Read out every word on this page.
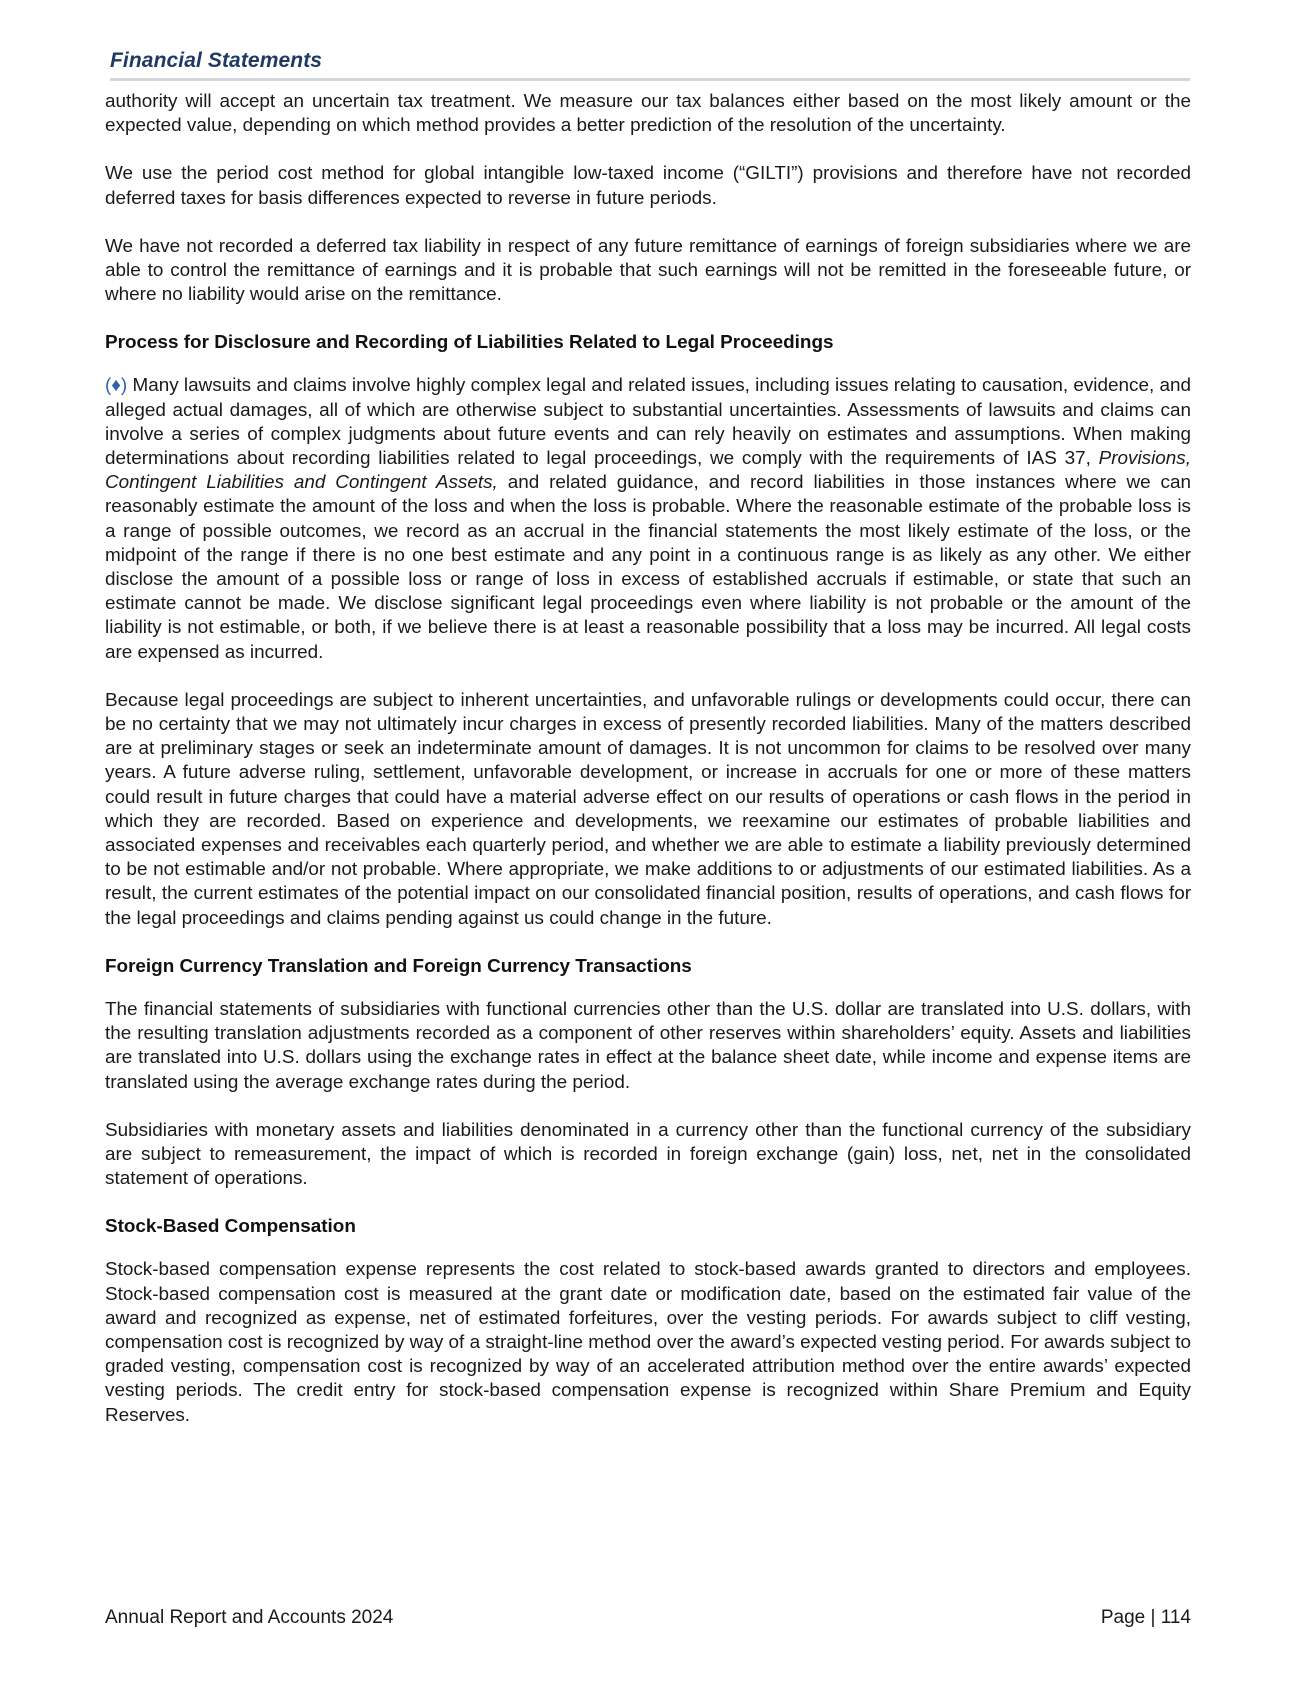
Financial Statements

authority will accept an uncertain tax treatment. We measure our tax balances either based on the most likely amount or the expected value, depending on which method provides a better prediction of the resolution of the uncertainty.

We use the period cost method for global intangible low-taxed income (“GILTI”) provisions and therefore have not recorded deferred taxes for basis differences expected to reverse in future periods.

We have not recorded a deferred tax liability in respect of any future remittance of earnings of foreign subsidiaries where we are able to control the remittance of earnings and it is probable that such earnings will not be remitted in the foreseeable future, or where no liability would arise on the remittance.

Process for Disclosure and Recording of Liabilities Related to Legal Proceedings

(♦) Many lawsuits and claims involve highly complex legal and related issues, including issues relating to causation, evidence, and alleged actual damages, all of which are otherwise subject to substantial uncertainties. Assessments of lawsuits and claims can involve a series of complex judgments about future events and can rely heavily on estimates and assumptions. When making determinations about recording liabilities related to legal proceedings, we comply with the requirements of IAS 37, Provisions, Contingent Liabilities and Contingent Assets, and related guidance, and record liabilities in those instances where we can reasonably estimate the amount of the loss and when the loss is probable. Where the reasonable estimate of the probable loss is a range of possible outcomes, we record as an accrual in the financial statements the most likely estimate of the loss, or the midpoint of the range if there is no one best estimate and any point in a continuous range is as likely as any other. We either disclose the amount of a possible loss or range of loss in excess of established accruals if estimable, or state that such an estimate cannot be made. We disclose significant legal proceedings even where liability is not probable or the amount of the liability is not estimable, or both, if we believe there is at least a reasonable possibility that a loss may be incurred. All legal costs are expensed as incurred.

Because legal proceedings are subject to inherent uncertainties, and unfavorable rulings or developments could occur, there can be no certainty that we may not ultimately incur charges in excess of presently recorded liabilities. Many of the matters described are at preliminary stages or seek an indeterminate amount of damages. It is not uncommon for claims to be resolved over many years. A future adverse ruling, settlement, unfavorable development, or increase in accruals for one or more of these matters could result in future charges that could have a material adverse effect on our results of operations or cash flows in the period in which they are recorded. Based on experience and developments, we reexamine our estimates of probable liabilities and associated expenses and receivables each quarterly period, and whether we are able to estimate a liability previously determined to be not estimable and/or not probable. Where appropriate, we make additions to or adjustments of our estimated liabilities. As a result, the current estimates of the potential impact on our consolidated financial position, results of operations, and cash flows for the legal proceedings and claims pending against us could change in the future.

Foreign Currency Translation and Foreign Currency Transactions

The financial statements of subsidiaries with functional currencies other than the U.S. dollar are translated into U.S. dollars, with the resulting translation adjustments recorded as a component of other reserves within shareholders’ equity. Assets and liabilities are translated into U.S. dollars using the exchange rates in effect at the balance sheet date, while income and expense items are translated using the average exchange rates during the period.

Subsidiaries with monetary assets and liabilities denominated in a currency other than the functional currency of the subsidiary are subject to remeasurement, the impact of which is recorded in foreign exchange (gain) loss, net, net in the consolidated statement of operations.

Stock-Based Compensation

Stock-based compensation expense represents the cost related to stock-based awards granted to directors and employees. Stock-based compensation cost is measured at the grant date or modification date, based on the estimated fair value of the award and recognized as expense, net of estimated forfeitures, over the vesting periods. For awards subject to cliff vesting, compensation cost is recognized by way of a straight-line method over the award’s expected vesting period. For awards subject to graded vesting, compensation cost is recognized by way of an accelerated attribution method over the entire awards’ expected vesting periods. The credit entry for stock-based compensation expense is recognized within Share Premium and Equity Reserves.

Annual Report and Accounts 2024	Page | 114
